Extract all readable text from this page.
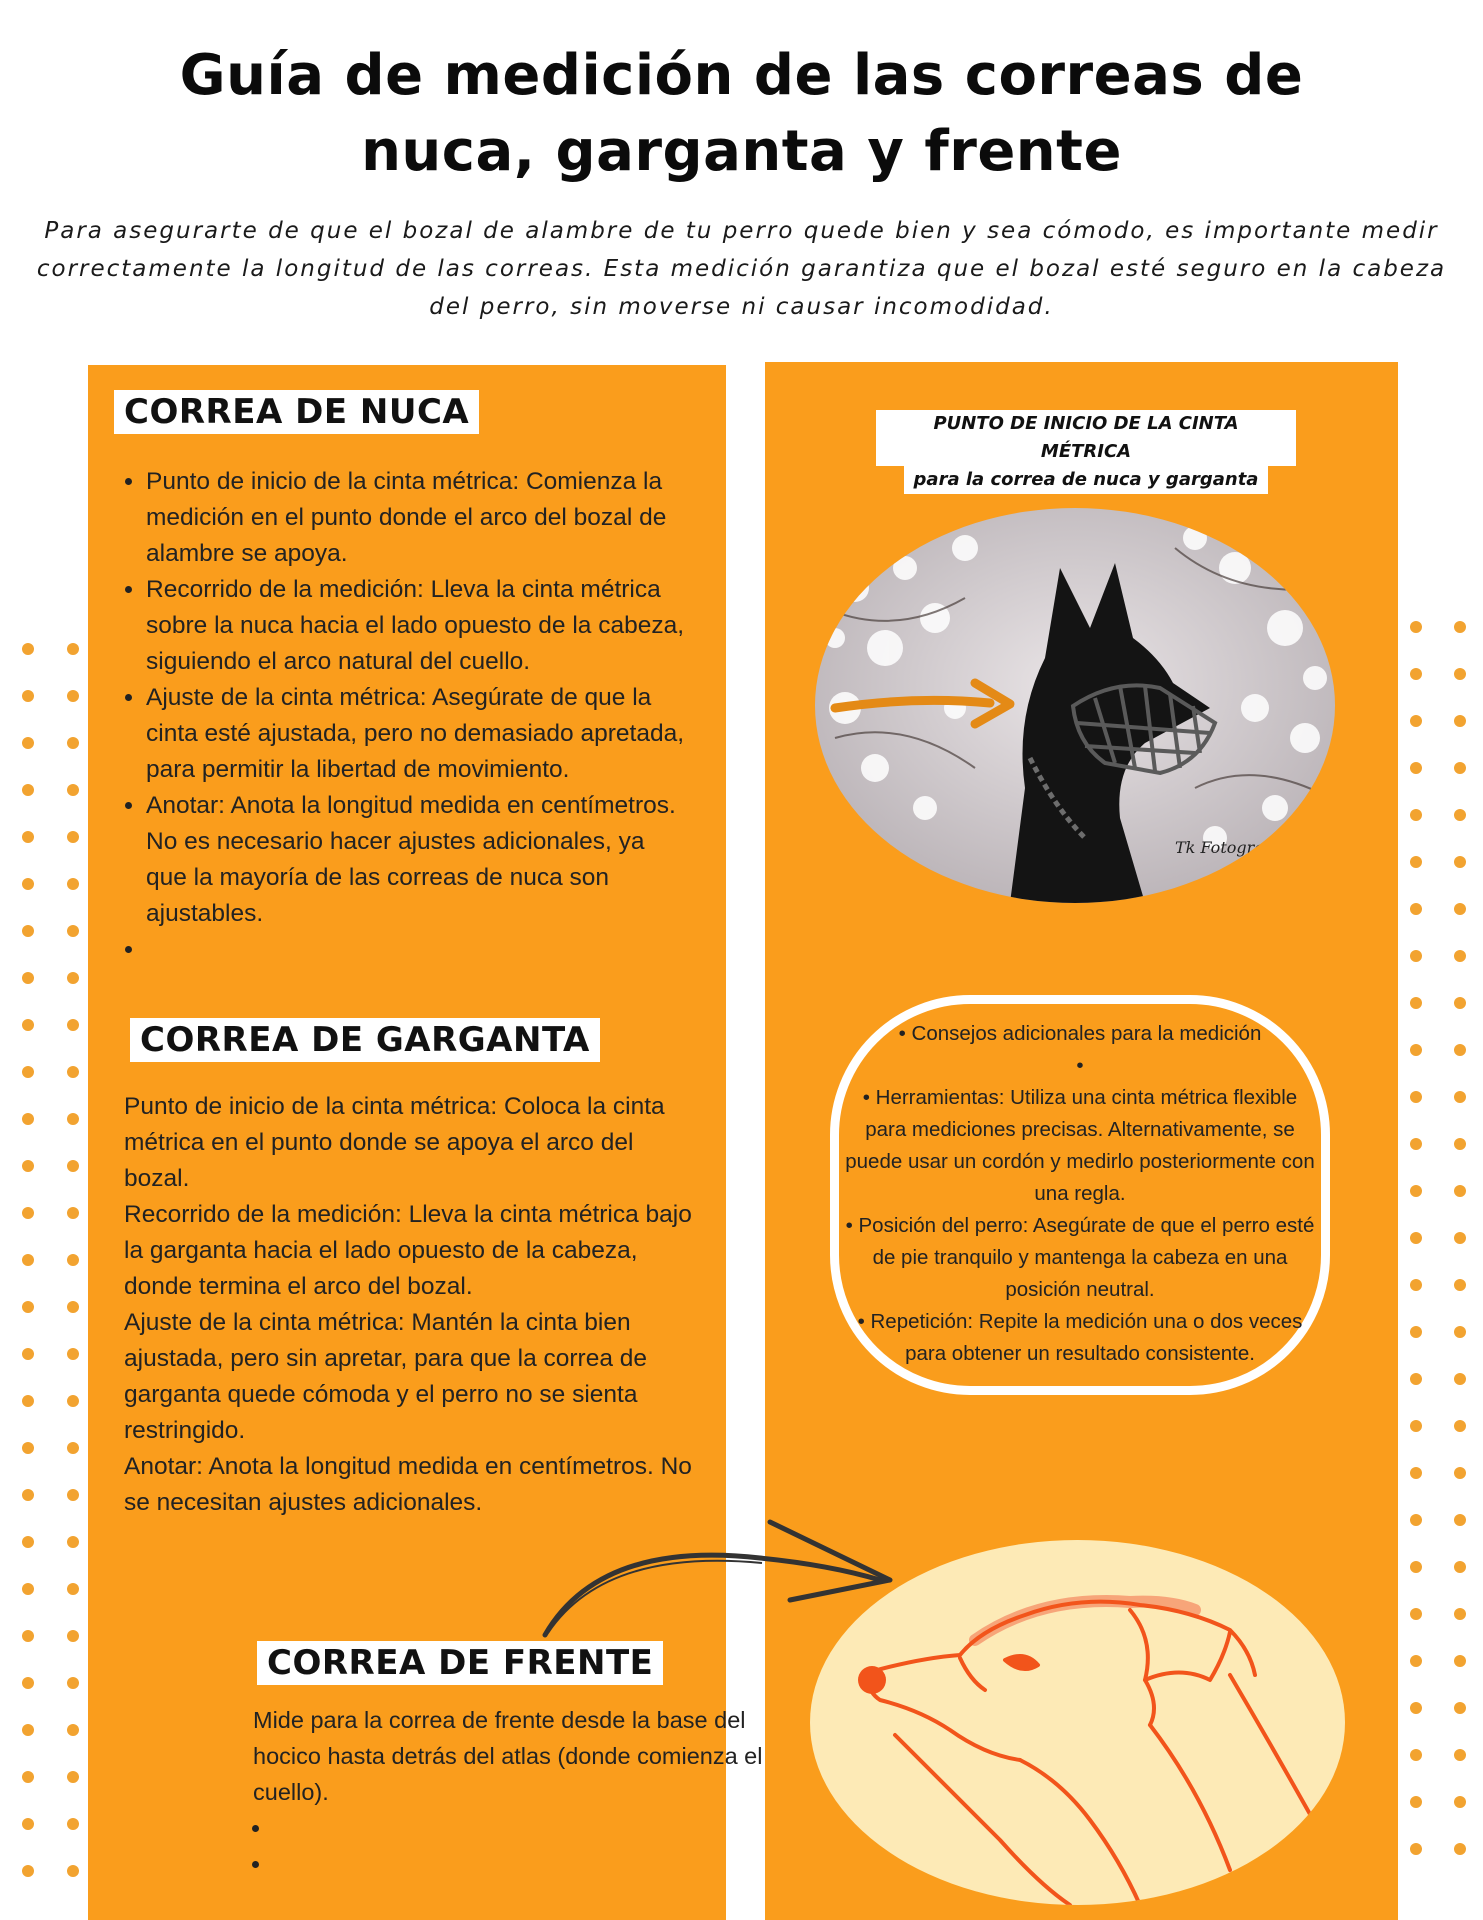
Guía de medición de las correas de
nuca, garganta y frente
Para asegurarte de que el bozal de alambre de tu perro quede bien y sea cómodo, es importante medir correctamente la longitud de las correas. Esta medición garantiza que el bozal esté seguro en la cabeza del perro, sin moverse ni causar incomodidad.
CORREA DE NUCA
• Punto de inicio de la cinta métrica: Comienza la medición en el punto donde el arco del bozal de alambre se apoya.
• Recorrido de la medición: Lleva la cinta métrica sobre la nuca hacia el lado opuesto de la cabeza, siguiendo el arco natural del cuello.
• Ajuste de la cinta métrica: Asegúrate de que la cinta esté ajustada, pero no demasiado apretada, para permitir la libertad de movimiento.
• Anotar: Anota la longitud medida en centímetros. No es necesario hacer ajustes adicionales, ya que la mayoría de las correas de nuca son ajustables.
•
CORREA DE GARGANTA

Punto de inicio de la cinta métrica: Coloca la cinta métrica en el punto donde se apoya el arco del bozal.

Recorrido de la medición: Lleva la cinta métrica bajo la garganta hacia el lado opuesto de la cabeza, donde termina el arco del bozal.

Ajuste de la cinta métrica: Mantén la cinta bien ajustada, pero sin apretar, para que la correa de garganta quede cómoda y el perro no se sienta restringido.

Anotar: Anota la longitud medida en centímetros. No se necesitan ajustes adicionales.

CORREA DE FRENTE

Mide para la correa de frente desde la base del hocico hasta detrás del atlas (donde comienza el cuello).

•
•
PUNTO DE INICIO DE LA CINTA MÉTRICA
para la correa de nuca y garganta
Tk Fotograf
• Consejos adicionales para la medición
•
• Herramientas: Utiliza una cinta métrica flexible para mediciones precisas. Alternativamente, se puede usar un cordón y medirlo posteriormente con una regla.
• Posición del perro: Asegúrate de que el perro esté de pie tranquilo y mantenga la cabeza en una posición neutral.
• Repetición: Repite la medición una o dos veces para obtener un resultado consistente.
